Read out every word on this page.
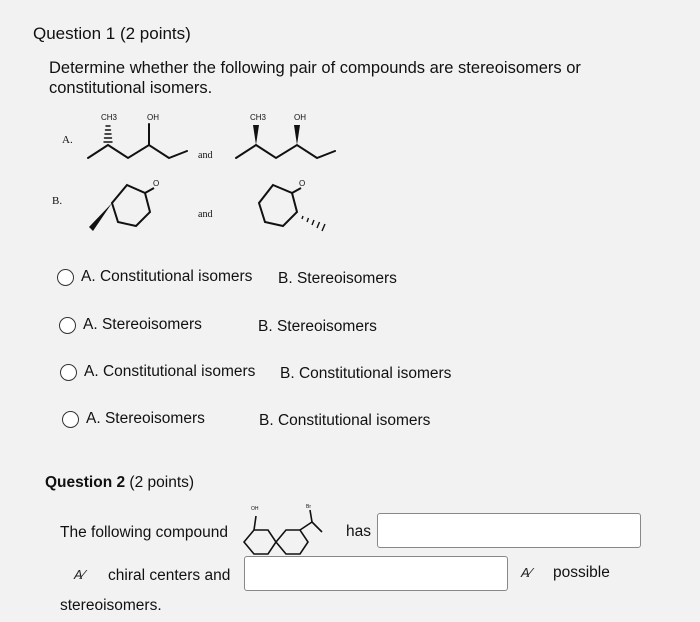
Question 1 (2 points)
Determine whether the following pair of compounds are stereoisomers or constitutional isomers.
A.
CH3	OH	CH3	OH
and
B.
O	O
and
A. Constitutional isomers B. Stereoisomers
A. Stereoisomers	B. Stereoisomers
A. Constitutional isomers B. Constitutional isomers
A. Stereoisomers	B. Constitutional isomers
Question 2 (2 points)
The following compound
OH	Br
has
A⁄ chiral centers and	A⁄ possible
stereoisomers.
